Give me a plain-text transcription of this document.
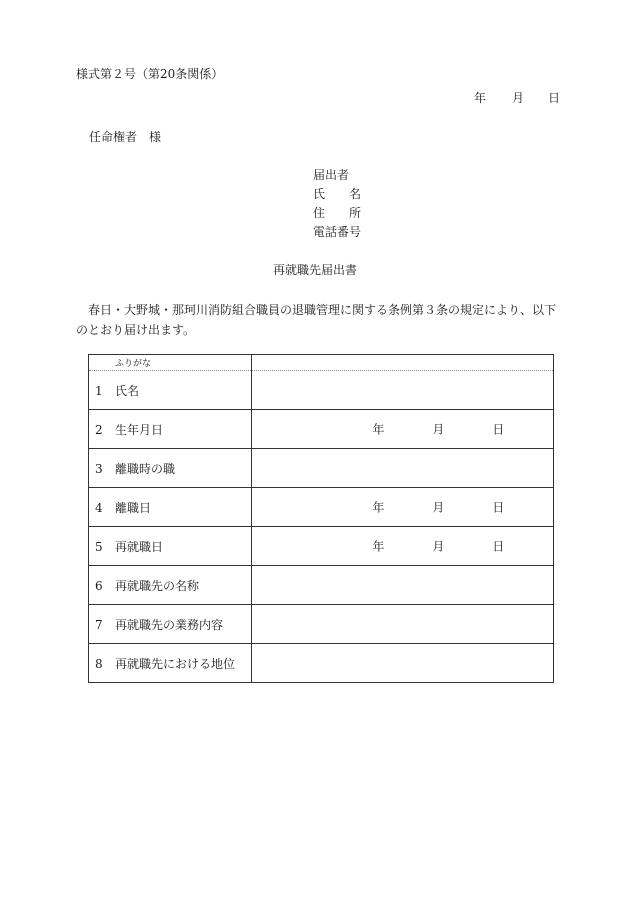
様式第２号（第20条関係）
年 月 日
任命権者　様
届出者
氏　　名
住　　所
電話番号
再就職先届出書
春日・大野城・那珂川消防組合職員の退職管理に関する条例第３条の規定により、以下のとおり届け出ます。
ふりがな	
1 氏名	
2 生年月日	年 月 日

3 離職時の職	
4 離職日	年 月 日

5 再就職日	年 月 日

6 再就職先の名称	
7 再就職先の業務内容	
8 再就職先における地位	
